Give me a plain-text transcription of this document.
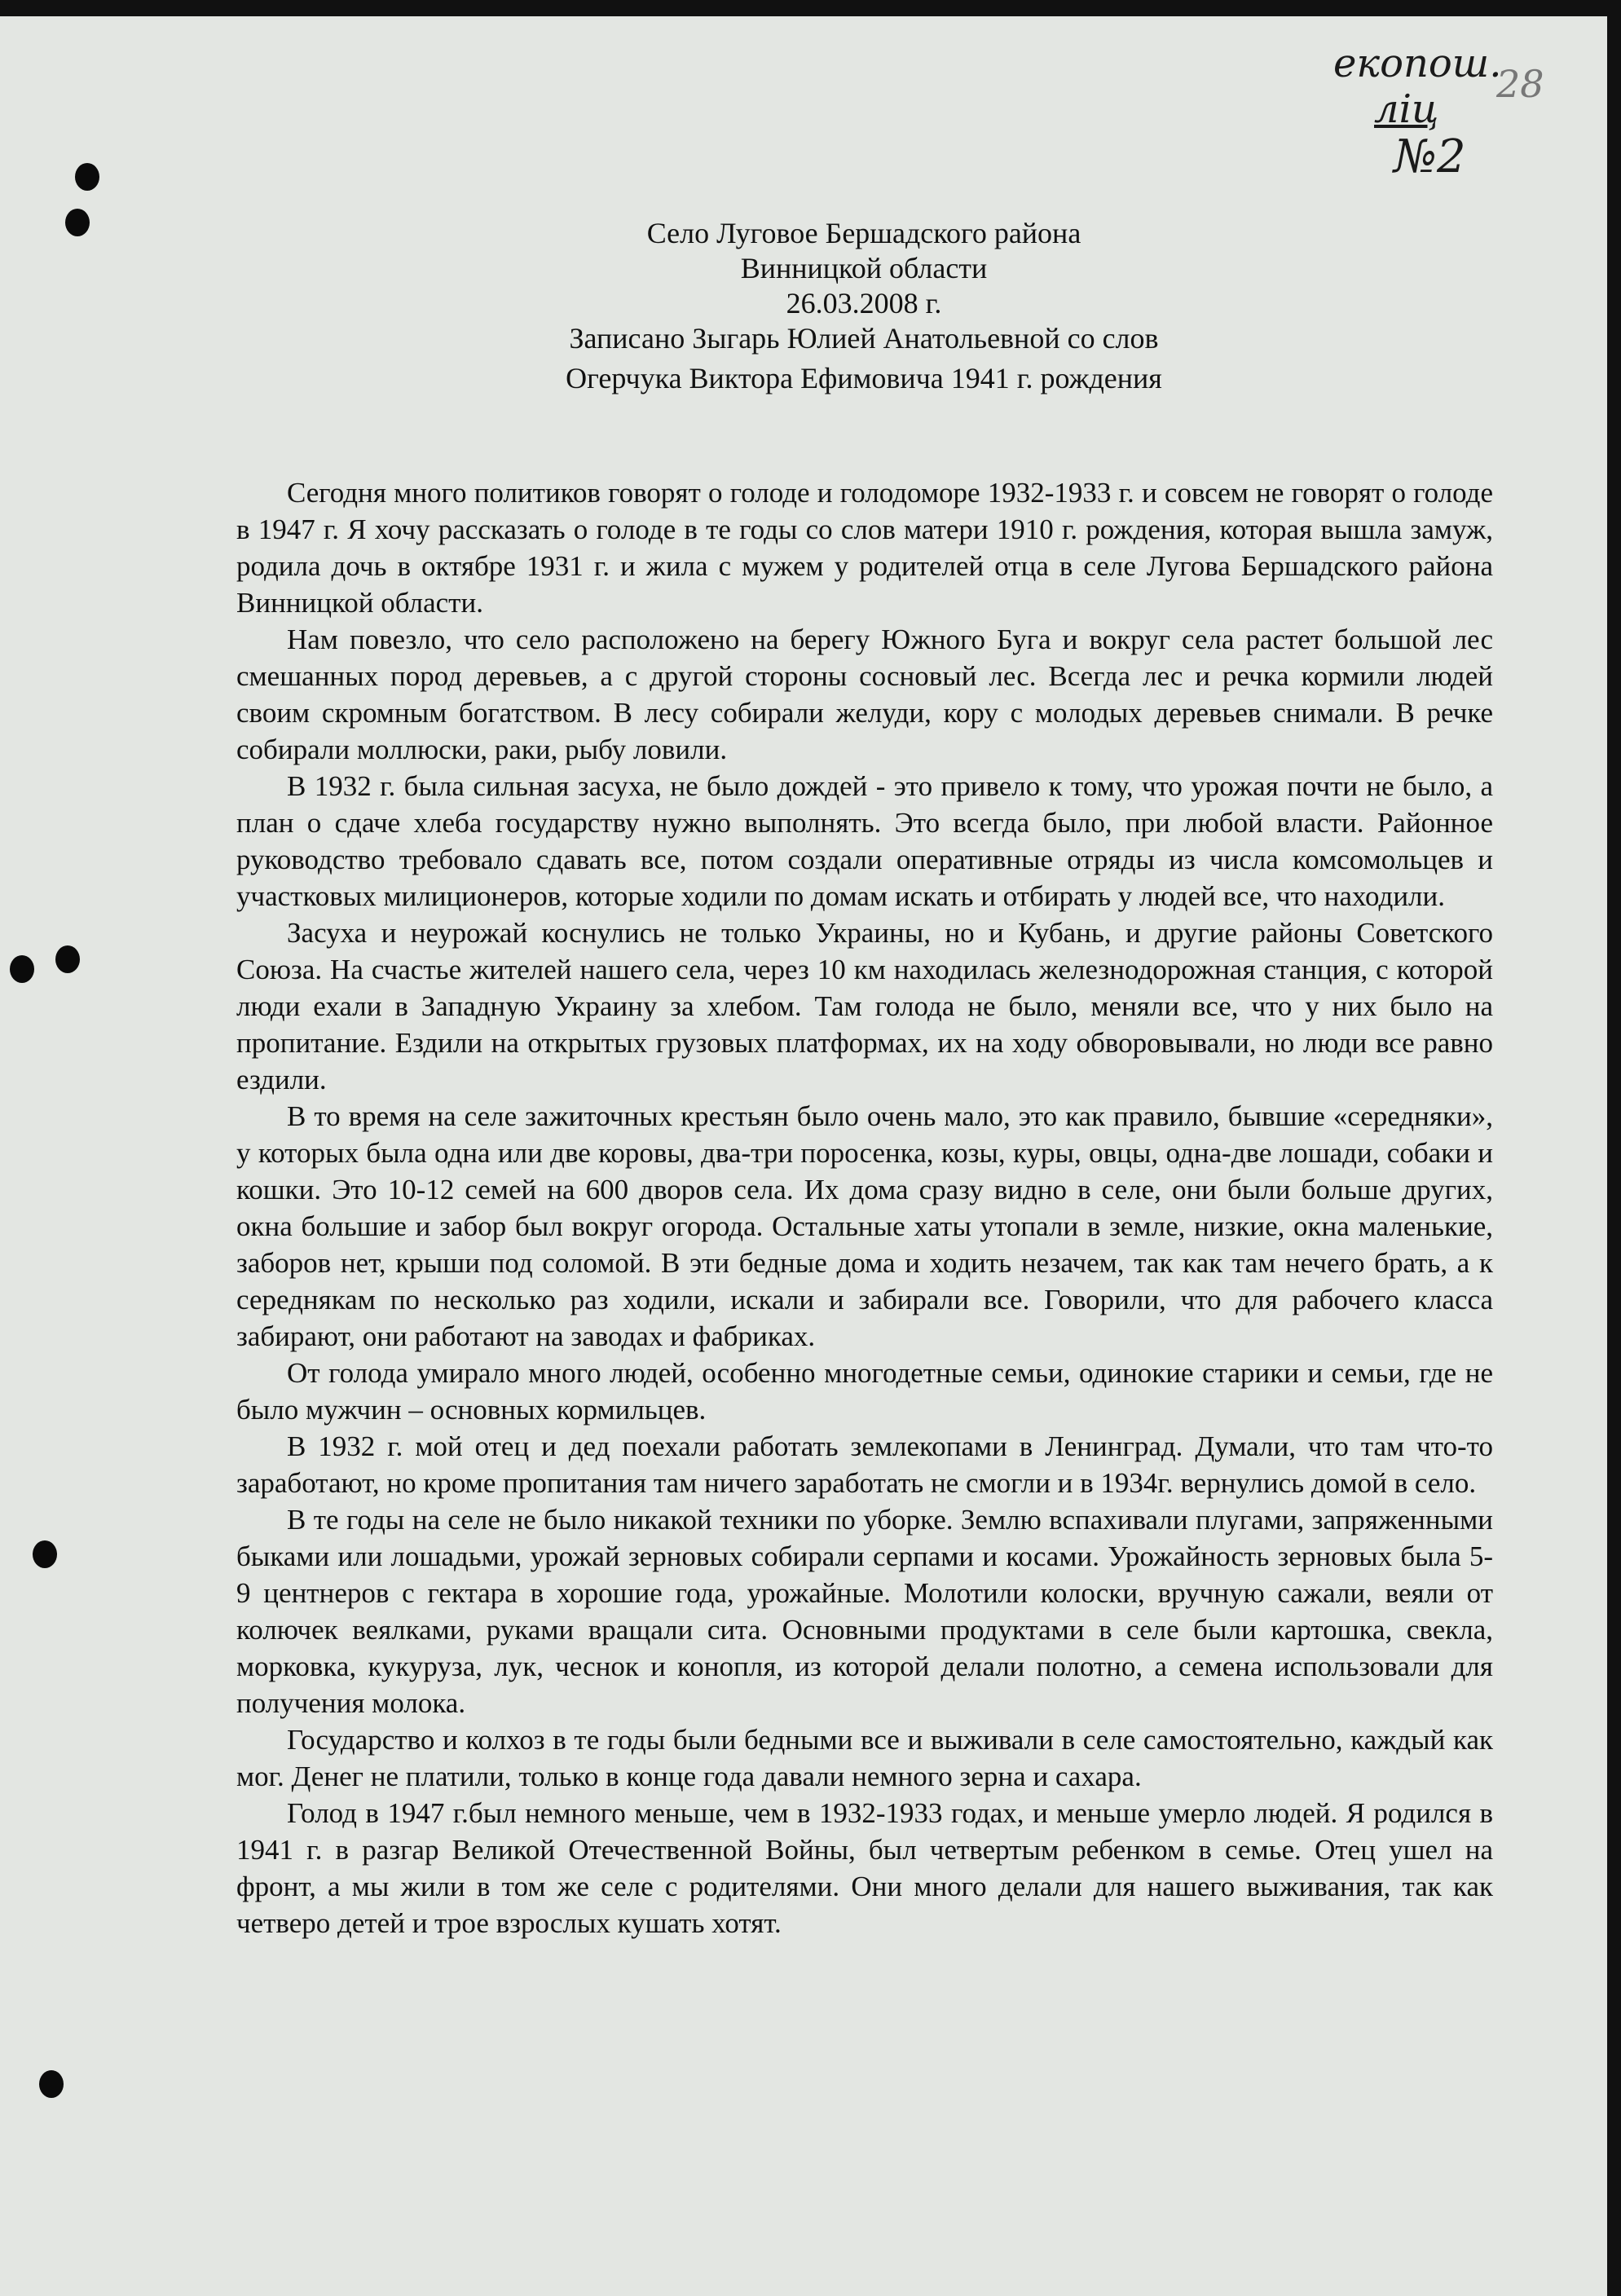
екопош.
ліц
№2
28
Село Луговое Бершадского района
Винницкой области
26.03.2008 г.
Записано Зыгарь Юлией Анатольевной со слов
Огерчука Виктора Ефимовича 1941 г. рождения

Сегодня много политиков говорят о голоде и голодоморе 1932-1933 г. и совсем не говорят о голоде в 1947 г. Я хочу рассказать о голоде в те годы со слов матери 1910 г. рождения, которая вышла замуж, родила дочь в октябре 1931 г. и жила с мужем у родителей отца в селе Лугова Бершадского района Винницкой области.

Нам повезло, что село расположено на берегу Южного Буга и вокруг села растет большой лес смешанных пород деревьев, а с другой стороны сосновый лес. Всегда лес и речка кормили людей своим скромным богатством. В лесу собирали желуди, кору с молодых деревьев снимали. В речке собирали моллюски, раки, рыбу ловили.

В 1932 г. была сильная засуха, не было дождей - это привело к тому, что урожая почти не было, а план о сдаче хлеба государству нужно выполнять. Это всегда было, при любой власти. Районное руководство требовало сдавать все, потом создали оперативные отряды из числа комсомольцев и участковых милиционеров, которые ходили по домам искать и отбирать у людей все, что находили.

Засуха и неурожай коснулись не только Украины, но и Кубань, и другие районы Советского Союза. На счастье жителей нашего села, через 10 км находилась железнодорожная станция, с которой люди ехали в Западную Украину за хлебом. Там голода не было, меняли все, что у них было на пропитание. Ездили на открытых грузовых платформах, их на ходу обворовывали, но люди все равно ездили.

В то время на селе зажиточных крестьян было очень мало, это как правило, бывшие «середняки», у которых была одна или две коровы, два-три поросенка, козы, куры, овцы, одна-две лошади, собаки и кошки. Это 10-12 семей на 600 дворов села. Их дома сразу видно в селе, они были больше других, окна большие и забор был вокруг огорода. Остальные хаты утопали в земле, низкие, окна маленькие, заборов нет, крыши под соломой. В эти бедные дома и ходить незачем, так как там нечего брать, а к середнякам по несколько раз ходили, искали и забирали все. Говорили, что для рабочего класса забирают, они работают на заводах и фабриках.

От голода умирало много людей, особенно многодетные семьи, одинокие старики и семьи, где не было мужчин – основных кормильцев.

В 1932 г. мой отец и дед поехали работать землекопами в Ленинград. Думали, что там что-то заработают, но кроме пропитания там ничего заработать не смогли и в 1934г. вернулись домой в село.

В те годы на селе не было никакой техники по уборке. Землю вспахивали плугами, запряженными быками или лошадьми, урожай зерновых собирали серпами и косами. Урожайность зерновых была 5-9 центнеров с гектара в хорошие года, урожайные. Молотили колоски, вручную сажали, веяли от колючек веялками, руками вращали сита. Основными продуктами в селе были картошка, свекла, морковка, кукуруза, лук, чеснок и конопля, из которой делали полотно, а семена использовали для получения молока.

Государство и колхоз в те годы были бедными все и выживали в селе самостоятельно, каждый как мог. Денег не платили, только в конце года давали немного зерна и сахара.

Голод в 1947 г.был немного меньше, чем в 1932-1933 годах, и меньше умерло людей. Я родился в 1941 г. в разгар Великой Отечественной Войны, был четвертым ребенком в семье. Отец ушел на фронт, а мы жили в том же селе с родителями. Они много делали для нашего выживания, так как четверо детей и трое взрослых кушать хотят.
